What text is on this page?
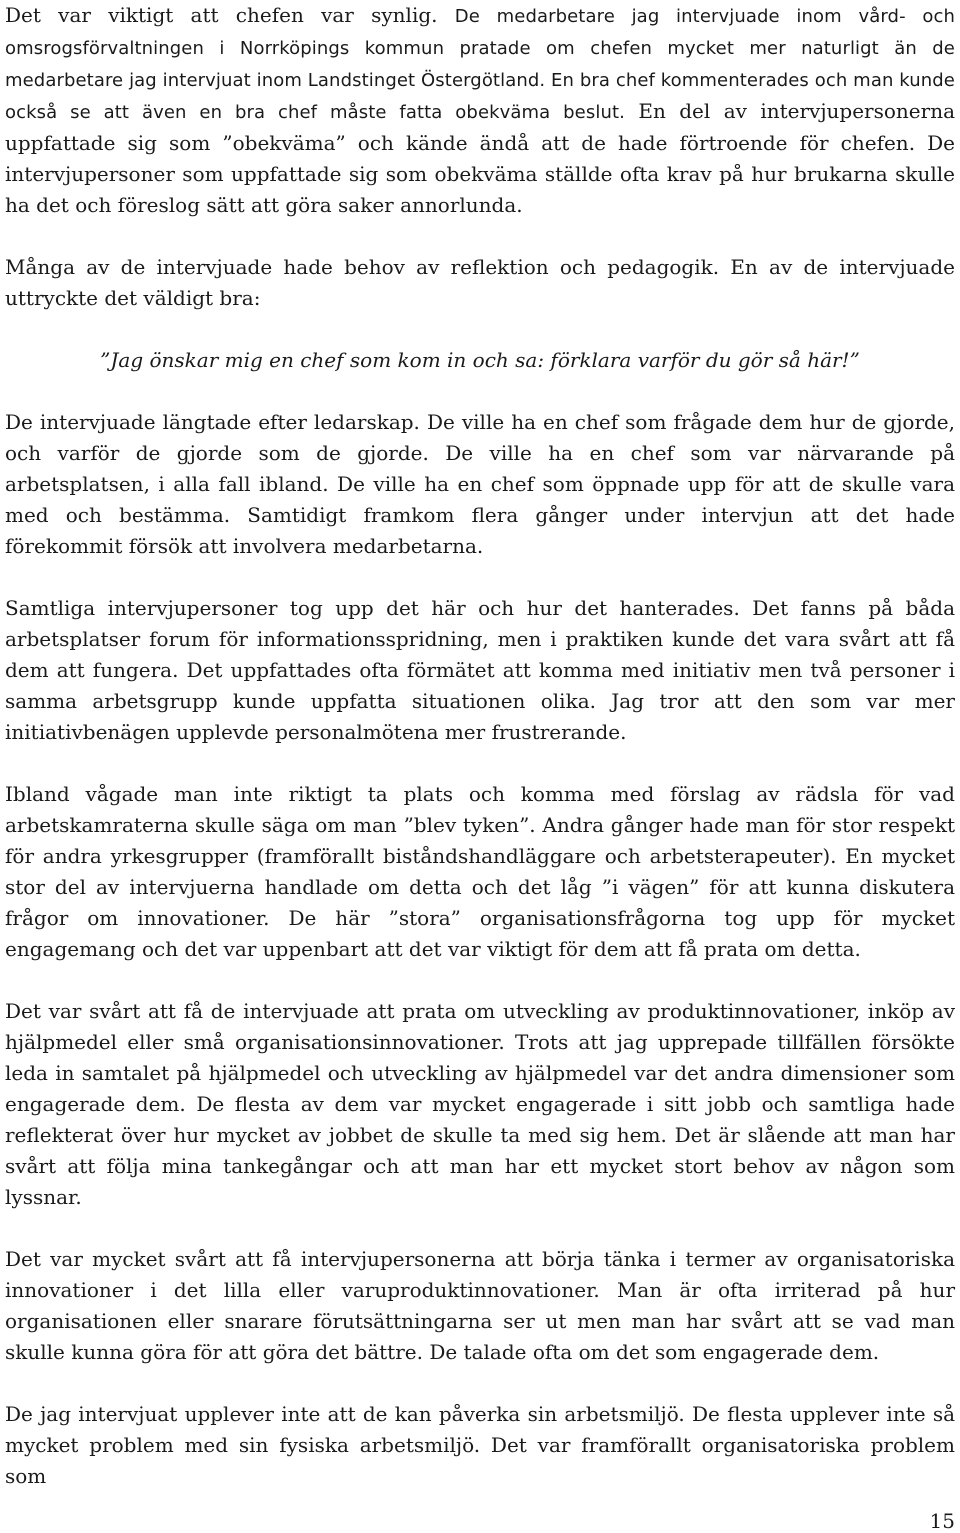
Det var viktigt att chefen var synlig. De medarbetare jag intervjuade inom vård- och omsrogsförvaltningen i Norrköpings kommun pratade om chefen mycket mer naturligt än de medarbetare jag intervjuat inom Landstinget Östergötland. En bra chef kommenterades och man kunde också se att även en bra chef måste fatta obekväma beslut. En del av intervjupersonerna uppfattade sig som ”obekväma” och kände ändå att de hade förtroende för chefen. De intervjupersoner som uppfattade sig som obekväma ställde ofta krav på hur brukarna skulle ha det och föreslog sätt att göra saker annorlunda.

Många av de intervjuade hade behov av reflektion och pedagogik. En av de intervjuade uttryckte det väldigt bra:

”Jag önskar mig en chef som kom in och sa: förklara varför du gör så här!”

De intervjuade längtade efter ledarskap. De ville ha en chef som frågade dem hur de gjorde, och varför de gjorde som de gjorde. De ville ha en chef som var närvarande på arbetsplatsen, i alla fall ibland. De ville ha en chef som öppnade upp för att de skulle vara med och bestämma. Samtidigt framkom flera gånger under intervjun att det hade förekommit försök att involvera medarbetarna.

Samtliga intervjupersoner tog upp det här och hur det hanterades. Det fanns på båda arbetsplatser forum för informationsspridning, men i praktiken kunde det vara svårt att få dem att fungera. Det uppfattades ofta förmätet att komma med initiativ men två personer i samma arbetsgrupp kunde uppfatta situationen olika. Jag tror att den som var mer initiativbenägen upplevde personalmötena mer frustrerande.

Ibland vågade man inte riktigt ta plats och komma med förslag av rädsla för vad arbetskamraterna skulle säga om man ”blev tyken”. Andra gånger hade man för stor respekt för andra yrkesgrupper (framförallt biståndshandläggare och arbetsterapeuter). En mycket stor del av intervjuerna handlade om detta och det låg ”i vägen” för att kunna diskutera frågor om innovationer. De här ”stora” organisationsfrågorna tog upp för mycket engagemang och det var uppenbart att det var viktigt för dem att få prata om detta.

Det var svårt att få de intervjuade att prata om utveckling av produktinnovationer, inköp av hjälpmedel eller små organisationsinnovationer. Trots att jag upprepade tillfällen försökte leda in samtalet på hjälpmedel och utveckling av hjälpmedel var det andra dimensioner som engagerade dem. De flesta av dem var mycket engagerade i sitt jobb och samtliga hade reflekterat över hur mycket av jobbet de skulle ta med sig hem. Det är slående att man har svårt att följa mina tankegångar och att man har ett mycket stort behov av någon som lyssnar.

Det var mycket svårt att få intervjupersonerna att börja tänka i termer av organisatoriska innovationer i det lilla eller varuproduktinnovationer. Man är ofta irriterad på hur organisationen eller snarare förutsättningarna ser ut men man har svårt att se vad man skulle kunna göra för att göra det bättre. De talade ofta om det som engagerade dem.

De jag intervjuat upplever inte att de kan påverka sin arbetsmiljö. De flesta upplever inte så mycket problem med sin fysiska arbetsmiljö. Det var framförallt organisatoriska problem som

15
